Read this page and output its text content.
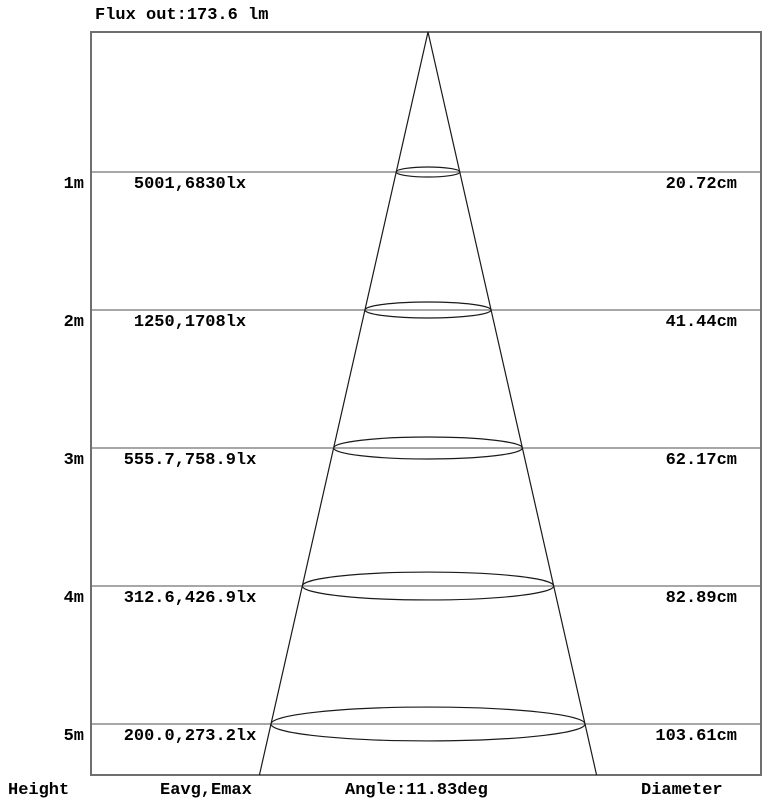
Flux out:173.6 lm
1m	5001,6830lx	20.72cm
2m	1250,1708lx	41.44cm
3m	555.7,758.9lx	62.17cm
4m	312.6,426.9lx	82.89cm
5m	200.0,273.2lx	103.61cm
Height	Eavg,Emax	Angle:11.83deg	Diameter
